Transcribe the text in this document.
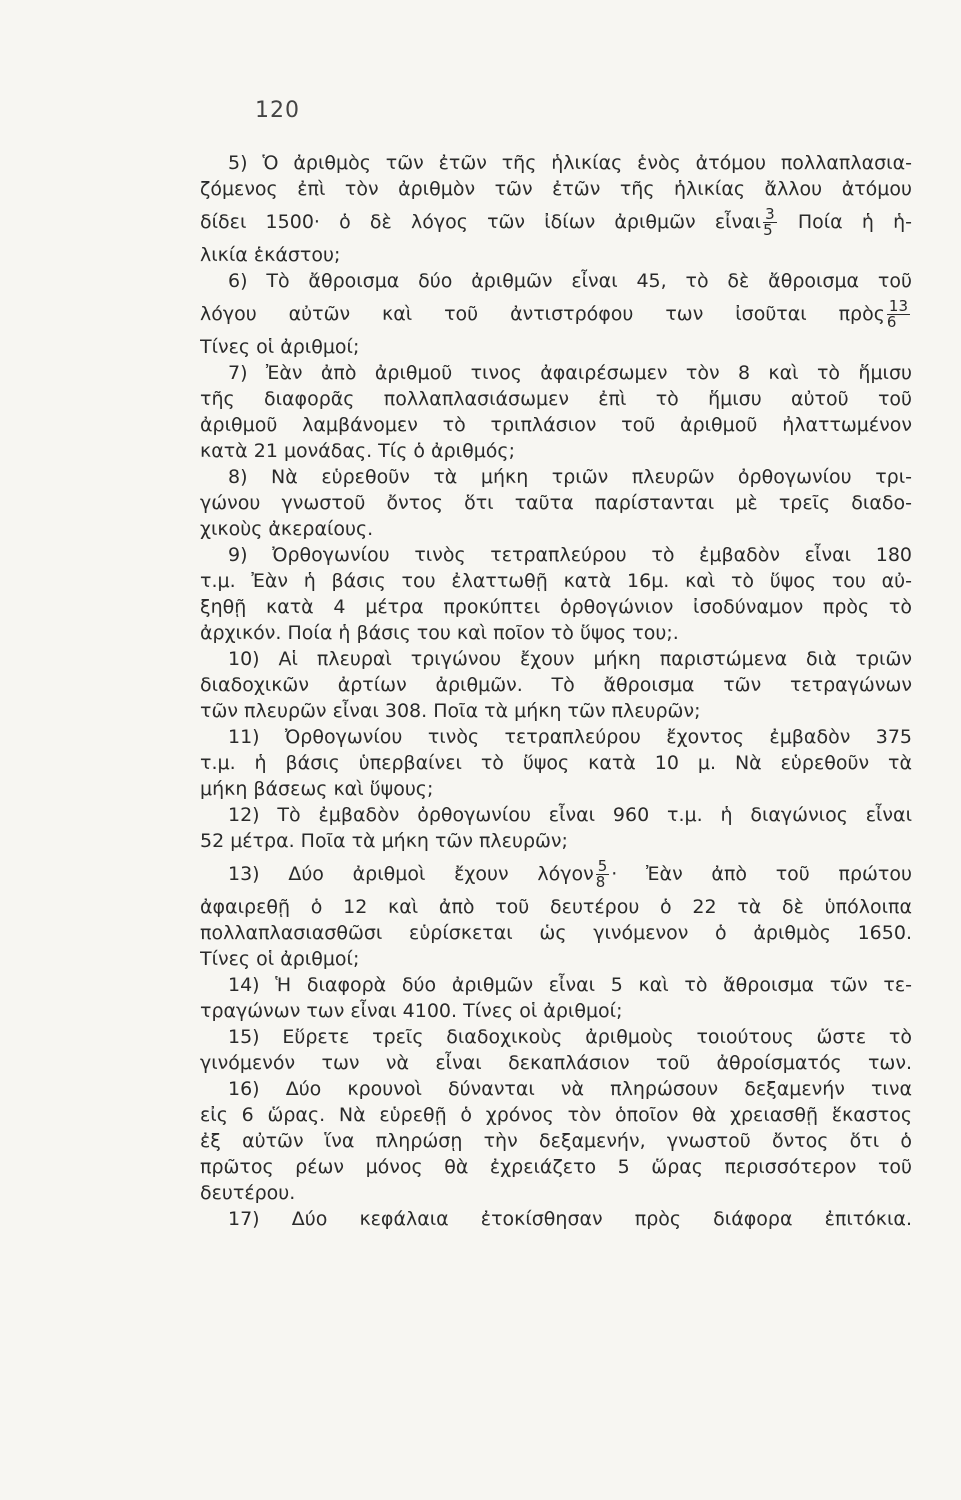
120
5) Ὁ ἀριθμὸς τῶν ἐτῶν τῆς ἡλικίας ἑνὸς ἀτόμου πολλαπλασια-
ζόμενος ἐπὶ τὸν ἀριθμὸν τῶν ἐτῶν τῆς ἡλικίας ἄλλου ἀτόμου
δίδει 1500· ὁ δὲ λόγος τῶν ἰδίων ἀριθμῶν εἶναι $\frac{3}{5}$ Ποία ἡ ἡ-
λικία ἑκάστου;
6) Τὸ ἄθροισμα δύο ἀριθμῶν εἶναι 45, τὸ δὲ ἄθροισμα τοῦ
λόγου αὐτῶν καὶ τοῦ ἀντιστρόφου των ἰσοῦται πρὸς $\frac{13}{6}$
Τίνες οἱ ἀριθμοί;
7) Ἐὰν ἀπὸ ἀριθμοῦ τινος ἀφαιρέσωμεν τὸν 8 καὶ τὸ ἥμισυ
τῆς διαφορᾶς πολλαπλασιάσωμεν ἐπὶ τὸ ἥμισυ αὐτοῦ τοῦ
ἀριθμοῦ λαμβάνομεν τὸ τριπλάσιον τοῦ ἀριθμοῦ ἠλαττωμένον
κατὰ 21 μονάδας. Τίς ὁ ἀριθμός;
8) Νὰ εὑρεθοῦν τὰ μήκη τριῶν πλευρῶν ὀρθογωνίου τρι-
γώνου γνωστοῦ ὄντος ὅτι ταῦτα παρίστανται μὲ τρεῖς διαδο-
χικοὺς ἀκεραίους.
9) Ὀρθογωνίου τινὸς τετραπλεύρου τὸ ἐμβαδὸν εἶναι 180
τ.μ. Ἐὰν ἡ βάσις του ἐλαττωθῇ κατὰ 16μ. καὶ τὸ ὕψος του αὐ-
ξηθῇ κατὰ 4 μέτρα προκύπτει ὀρθογώνιον ἰσοδύναμον πρὸς τὸ
ἀρχικόν. Ποία ἡ βάσις του καὶ ποῖον τὸ ὕψος του;.
10) Αἱ πλευραὶ τριγώνου ἔχουν μήκη παριστώμενα διὰ τριῶν
διαδοχικῶν ἀρτίων ἀριθμῶν. Τὸ ἄθροισμα τῶν τετραγώνων
τῶν πλευρῶν εἶναι 308. Ποῖα τὰ μήκη τῶν πλευρῶν;
11) Ὀρθογωνίου τινὸς τετραπλεύρου ἔχοντος ἐμβαδὸν 375
τ.μ. ἡ βάσις ὑπερβαίνει τὸ ὕψος κατὰ 10 μ. Νὰ εὑρεθοῦν τὰ
μήκη βάσεως καὶ ὕψους;
12) Τὸ ἐμβαδὸν ὀρθογωνίου εἶναι 960 τ.μ. ἡ διαγώνιος εἶναι
52 μέτρα. Ποῖα τὰ μήκη τῶν πλευρῶν;
13) Δύο ἀριθμοὶ ἔχουν λόγον $\frac{5}{8}$ · Ἐὰν ἀπὸ τοῦ πρώτου
ἀφαιρεθῇ ὁ 12 καὶ ἀπὸ τοῦ δευτέρου ὁ 22 τὰ δὲ ὑπόλοιπα
πολλαπλασιασθῶσι εὑρίσκεται ὡς γινόμενον ὁ ἀριθμὸς 1650.
Τίνες οἱ ἀριθμοί;
14) Ἡ διαφορὰ δύο ἀριθμῶν εἶναι 5 καὶ τὸ ἄθροισμα τῶν τε-
τραγώνων των εἶναι 4100. Τίνες οἱ ἀριθμοί;
15) Εὕρετε τρεῖς διαδοχικοὺς ἀριθμοὺς τοιούτους ὥστε τὸ
γινόμενόν των νὰ εἶναι δεκαπλάσιον τοῦ ἀθροίσματός των.
16) Δύο κρουνοὶ δύνανται νὰ πληρώσουν δεξαμενήν τινα
εἰς 6 ὥρας. Νὰ εὑρεθῇ ὁ χρόνος τὸν ὁποῖον θὰ χρειασθῇ ἕκαστος
ἐξ αὐτῶν ἵνα πληρώσῃ τὴν δεξαμενήν, γνωστοῦ ὄντος ὅτι ὁ
πρῶτος ρέων μόνος θὰ ἐχρειάζετο 5 ὥρας περισσότερον τοῦ
δευτέρου.
17) Δύο κεφάλαια ἐτοκίσθησαν πρὸς διάφορα ἐπιτόκια.
